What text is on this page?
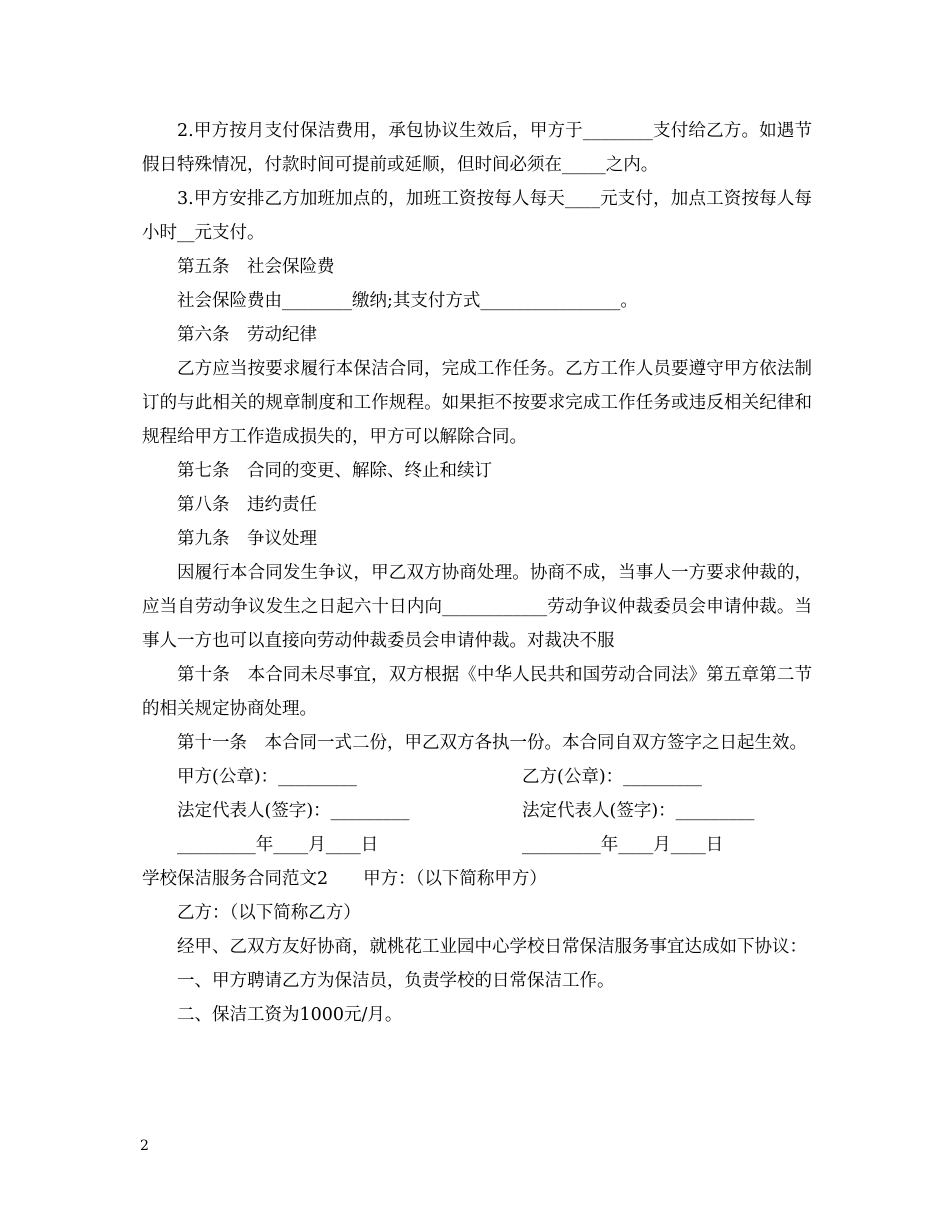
2.甲方按月支付保洁费用，承包协议生效后，甲方于________支付给乙方。如遇节假日特殊情况，付款时间可提前或延顺，但时间必须在_____之内。

3.甲方安排乙方加班加点的，加班工资按每人每天____元支付，加点工资按每人每小时__元支付。

第五条　社会保险费

社会保险费由________缴纳;其支付方式________________。

第六条　劳动纪律

乙方应当按要求履行本保洁合同，完成工作任务。乙方工作人员要遵守甲方依法制订的与此相关的规章制度和工作规程。如果拒不按要求完成工作任务或违反相关纪律和规程给甲方工作造成损失的，甲方可以解除合同。

第七条　合同的变更、解除、终止和续订

第八条　违约责任

第九条　争议处理

因履行本合同发生争议，甲乙双方协商处理。协商不成，当事人一方要求仲裁的，应当自劳动争议发生之日起六十日内向____________劳动争议仲裁委员会申请仲裁。当事人一方也可以直接向劳动仲裁委员会申请仲裁。对裁决不服

第十条　本合同未尽事宜，双方根据《中华人民共和国劳动合同法》第五章第二节的相关规定协商处理。

第十一条　本合同一式二份，甲乙双方各执一份。本合同自双方签字之日起生效。

甲方(公章)：_________	乙方(公章)：_________
法定代表人(签字)：_________	法定代表人(签字)：_________
_________年____月____日	_________年____月____日

学校保洁服务合同范文2　　甲方：（以下简称甲方）

乙方：（以下简称乙方）

经甲、乙双方友好协商，就桃花工业园中心学校日常保洁服务事宜达成如下协议：

一、甲方聘请乙方为保洁员，负责学校的日常保洁工作。

二、保洁工资为1000元/月。

2
